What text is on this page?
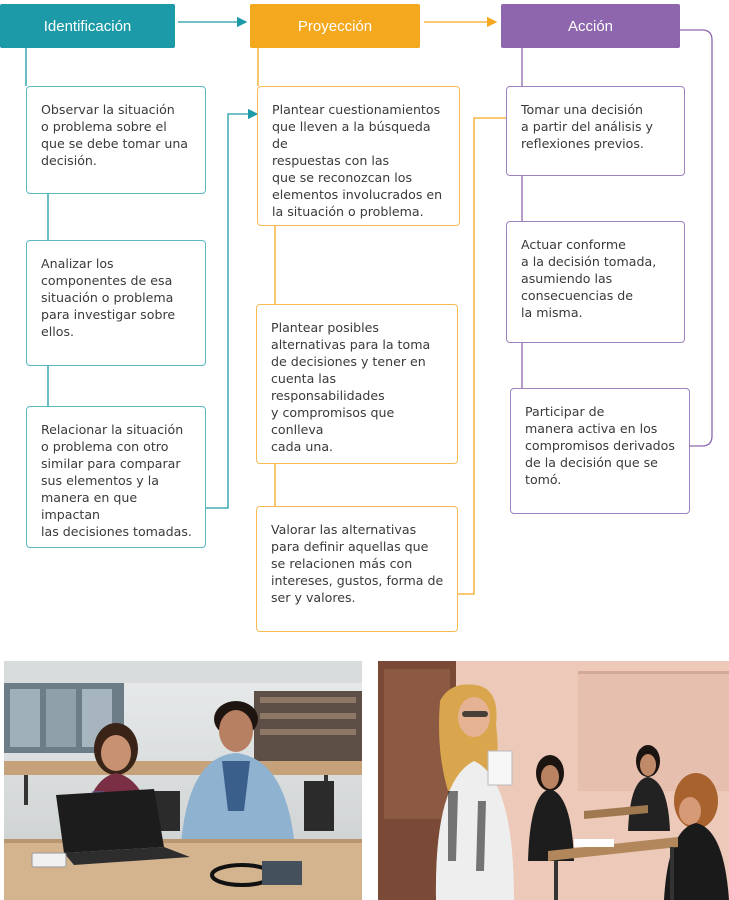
Identificación	Proyección	Acción
Observar la situación
o problema sobre el
que se debe tomar una
decisión.
Analizar los
componentes de esa
situación o problema
para investigar sobre
ellos.
Relacionar la situación
o problema con otro
similar para comparar
sus elementos y la
manera en que impactan
las decisiones tomadas.
Plantear cuestionamientos
que lleven a la búsqueda de
respuestas con las
que se reconozcan los
elementos involucrados en
la situación o problema.
Plantear posibles
alternativas para la toma
de decisiones y tener en
cuenta las responsabilidades
y compromisos que conlleva
cada una.
Valorar las alternativas
para definir aquellas que
se relacionen más con
intereses, gustos, forma de
ser y valores.
Tomar una decisión
a partir del análisis y
reflexiones previos.
Actuar conforme
a la decisión tomada,
asumiendo las
consecuencias de
la misma.
Participar de
manera activa en los
compromisos derivados
de la decisión que se
tomó.
